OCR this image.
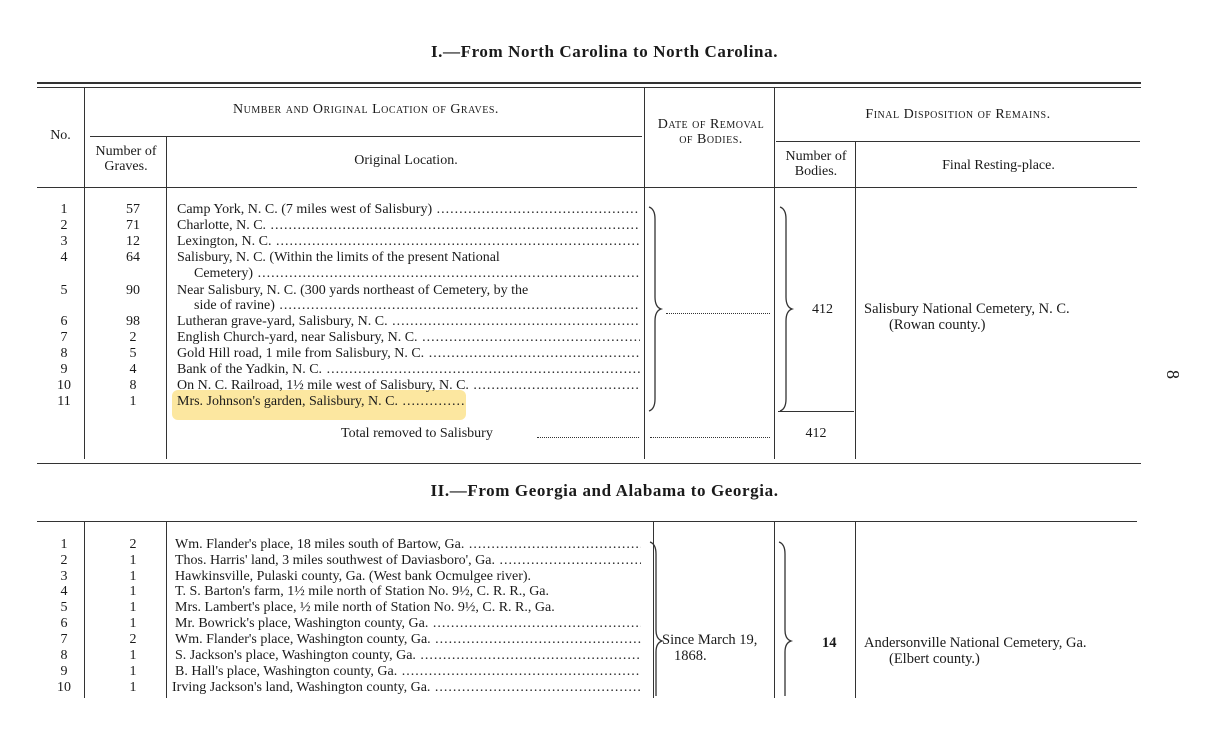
I.—From North Carolina to North Carolina.
No.
Number and Original Location of Graves.
Number of Graves.	Original Location.
Date of Removal of Bodies.
Final Disposition of Remains.
Number of Bodies.	Final Resting-place.
1	57	Camp York, N. C. (7 miles west of Salisbury) .....
2	71	Charlotte, N. C. .....
3	12	Lexington, N. C. .....
4	64	Salisbury, N. C. (Within the limits of the present National
Cemetery) .....
5	90	Near Salisbury, N. C. (300 yards northeast of Cemetery, by the
side of ravine) .....
6	98	Lutheran grave-yard, Salisbury, N. C. .....
7	2	English Church-yard, near Salisbury, N. C. .....
8	5	Gold Hill road, 1 mile from Salisbury, N. C. .....
9	4	Bank of the Yadkin, N. C. .....
10	8	On N. C. Railroad, 1½ mile west of Salisbury, N. C. .....
11	1	Mrs. Johnson's garden, Salisbury, N. C. .....
412 Salisbury National Cemetery, N. C.
(Rowan county.)
Total removed to Salisbury	412
8
II.—From Georgia and Alabama to Georgia.
1	2	Wm. Flander's place, 18 miles south of Bartow, Ga. .....
2	1	Thos. Harris' land, 3 miles southwest of Daviasboro', Ga. .....
3	1	Hawkinsville, Pulaski county, Ga. (West bank Ocmulgee river).
4	1	T. S. Barton's farm, 1½ mile north of Station No. 9½, C. R. R., Ga.
5	1	Mrs. Lambert's place, ½ mile north of Station No. 9½, C. R. R., Ga.
6	1	Mr. Bowrick's place, Washington county, Ga. .....
7	2	Wm. Flander's place, Washington county, Ga. .....
8	1	S. Jackson's place, Washington county, Ga. .....
9	1	B. Hall's place, Washington county, Ga. .....
10	1	Irving Jackson's land, Washington county, Ga. .....
Since March 19,
1868.
14 Andersonville National Cemetery, Ga.
(Elbert county.)
